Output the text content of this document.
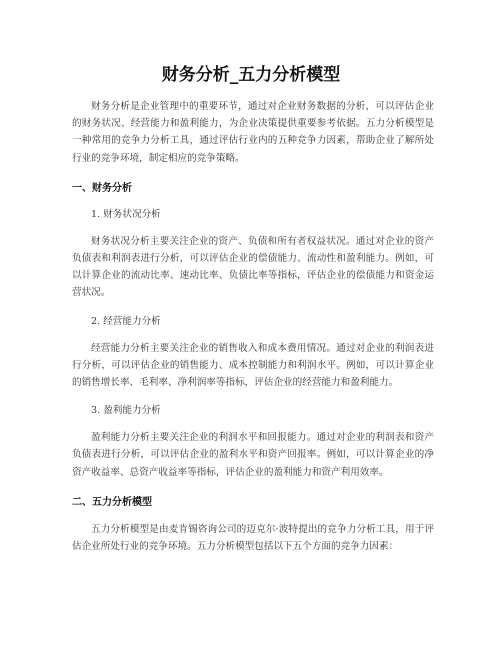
财务分析_五力分析模型

财务分析是企业管理中的重要环节，通过对企业财务数据的分析，可以评估企业的财务状况、经营能力和盈利能力，为企业决策提供重要参考依据。五力分析模型是一种常用的竞争力分析工具，通过评估行业内的五种竞争力因素，帮助企业了解所处行业的竞争环境，制定相应的竞争策略。

一、财务分析
1. 财务状况分析

财务状况分析主要关注企业的资产、负债和所有者权益状况。通过对企业的资产负债表和利润表进行分析，可以评估企业的偿债能力、流动性和盈利能力。例如，可以计算企业的流动比率、速动比率、负债比率等指标，评估企业的偿债能力和资金运营状况。

2. 经营能力分析

经营能力分析主要关注企业的销售收入和成本费用情况。通过对企业的利润表进行分析，可以评估企业的销售能力、成本控制能力和利润水平。例如，可以计算企业的销售增长率、毛利率、净利润率等指标，评估企业的经营能力和盈利能力。

3. 盈利能力分析

盈利能力分析主要关注企业的利润水平和回报能力。通过对企业的利润表和资产负债表进行分析，可以评估企业的盈利水平和资产回报率。例如，可以计算企业的净资产收益率、总资产收益率等指标，评估企业的盈利能力和资产利用效率。

二、五力分析模型

五力分析模型是由麦肯锡咨询公司的迈克尔·波特提出的竞争力分析工具，用于评估企业所处行业的竞争环境。五力分析模型包括以下五个方面的竞争力因素：
